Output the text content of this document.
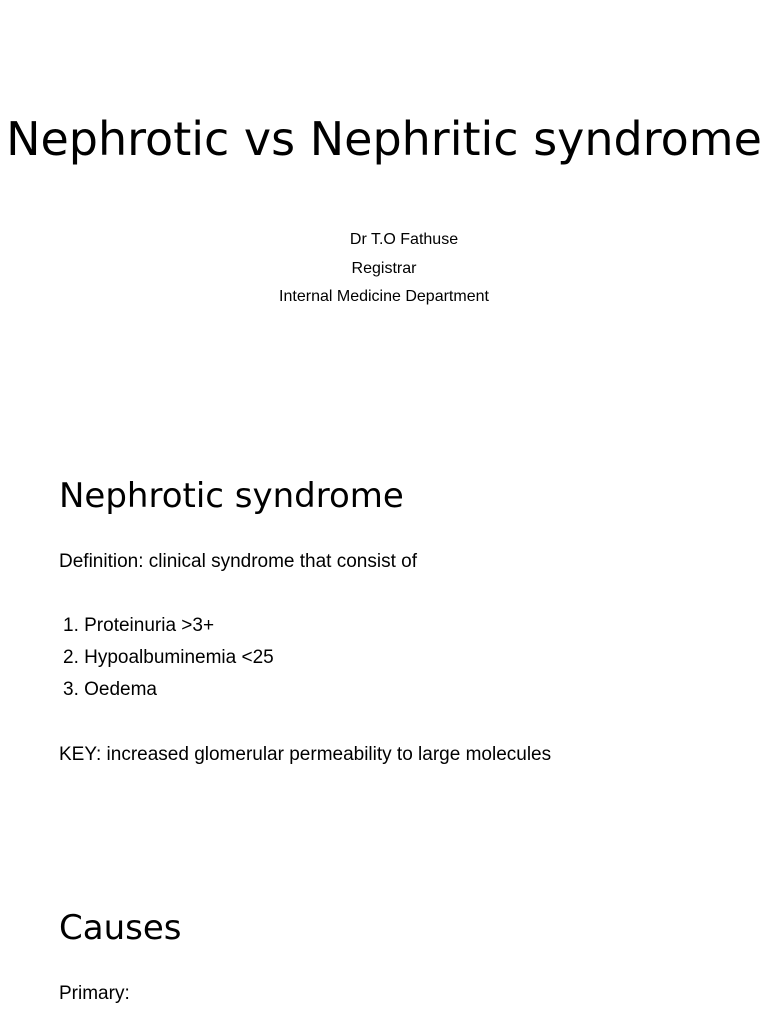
Nephrotic vs Nephritic syndrome
Dr T.O Fathuse
Registrar
Internal Medicine Department
Nephrotic syndrome

Definition: clinical syndrome that consist of

1. Proteinuria >3+
2. Hypoalbuminemia <25
3. Oedema

KEY: increased glomerular permeability to large molecules

Causes

Primary:
